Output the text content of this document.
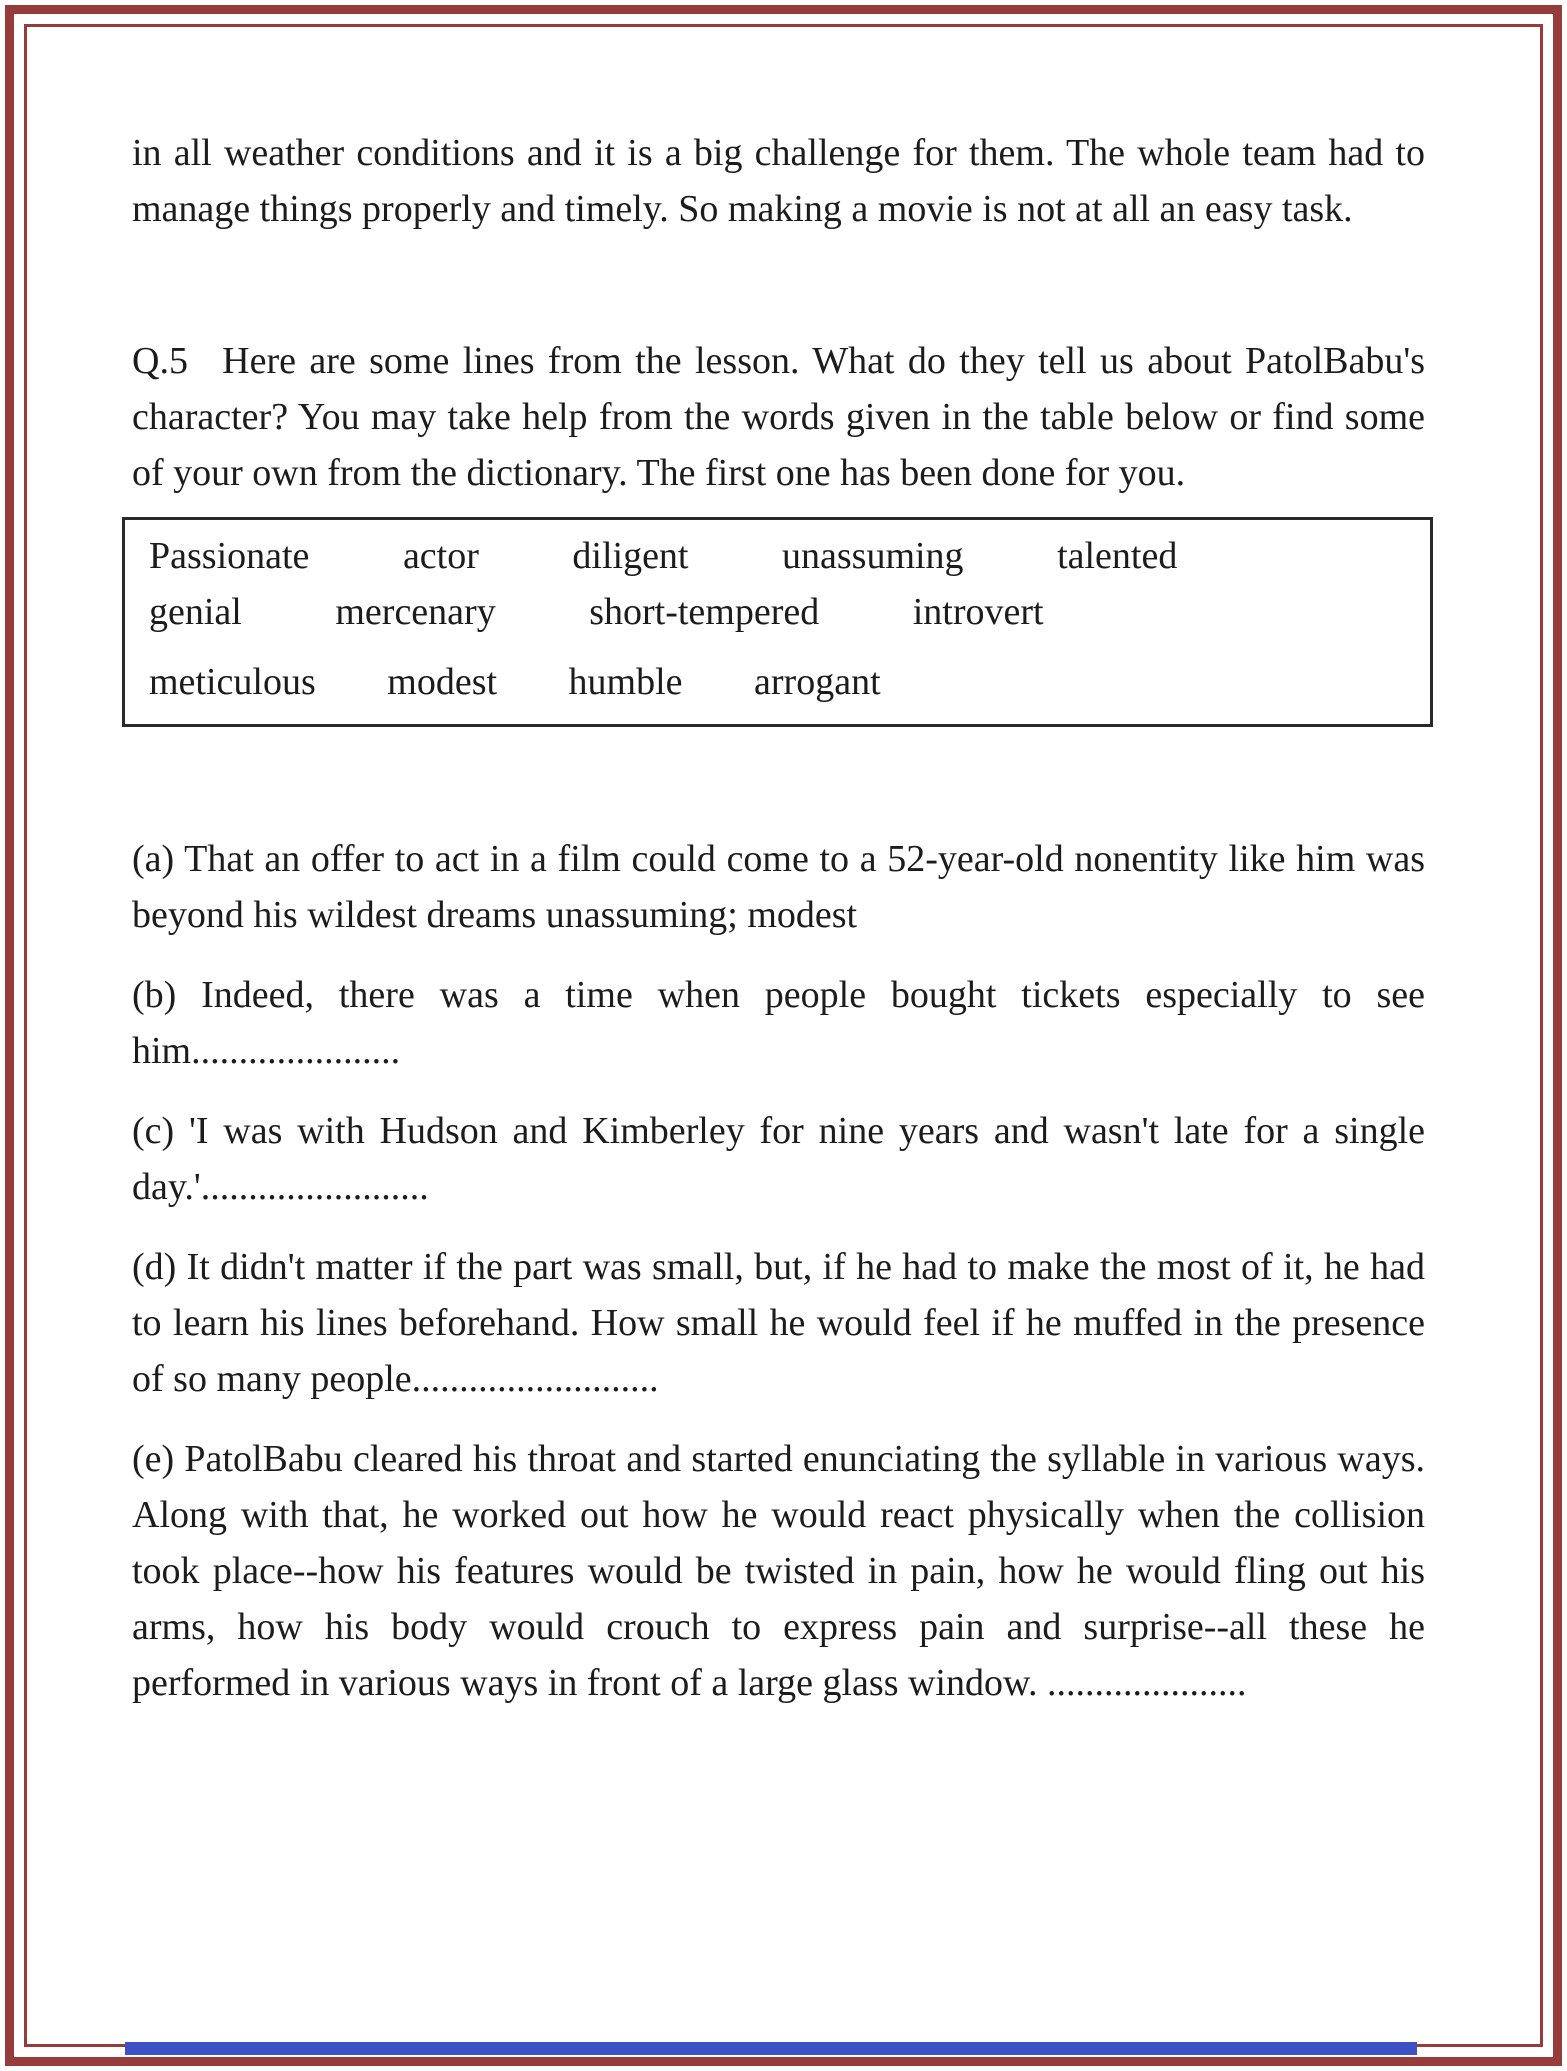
in all weather conditions and it is a big challenge for them. The whole team had to manage things properly and timely. So making a movie is not at all an easy task.

Q.5 Here are some lines from the lesson. What do they tell us about PatolBabu's character? You may take help from the words given in the table below or find some of your own from the dictionary. The first one has been done for you.

Passionate actor diligent unassuming talented
genial mercenary short-tempered introvert
meticulous modest humble arrogant

(a) That an offer to act in a film could come to a 52-year-old nonentity like him was beyond his wildest dreams unassuming; modest

(b) Indeed, there was a time when people bought tickets especially to see him......................

(c) 'I was with Hudson and Kimberley for nine years and wasn't late for a single day.'........................

(d) It didn't matter if the part was small, but, if he had to make the most of it, he had to learn his lines beforehand. How small he would feel if he muffed in the presence of so many people..........................

(e) PatolBabu cleared his throat and started enunciating the syllable in various ways. Along with that, he worked out how he would react physically when the collision took place--how his features would be twisted in pain, how he would fling out his arms, how his body would crouch to express pain and surprise--all these he performed in various ways in front of a large glass window. .....................
